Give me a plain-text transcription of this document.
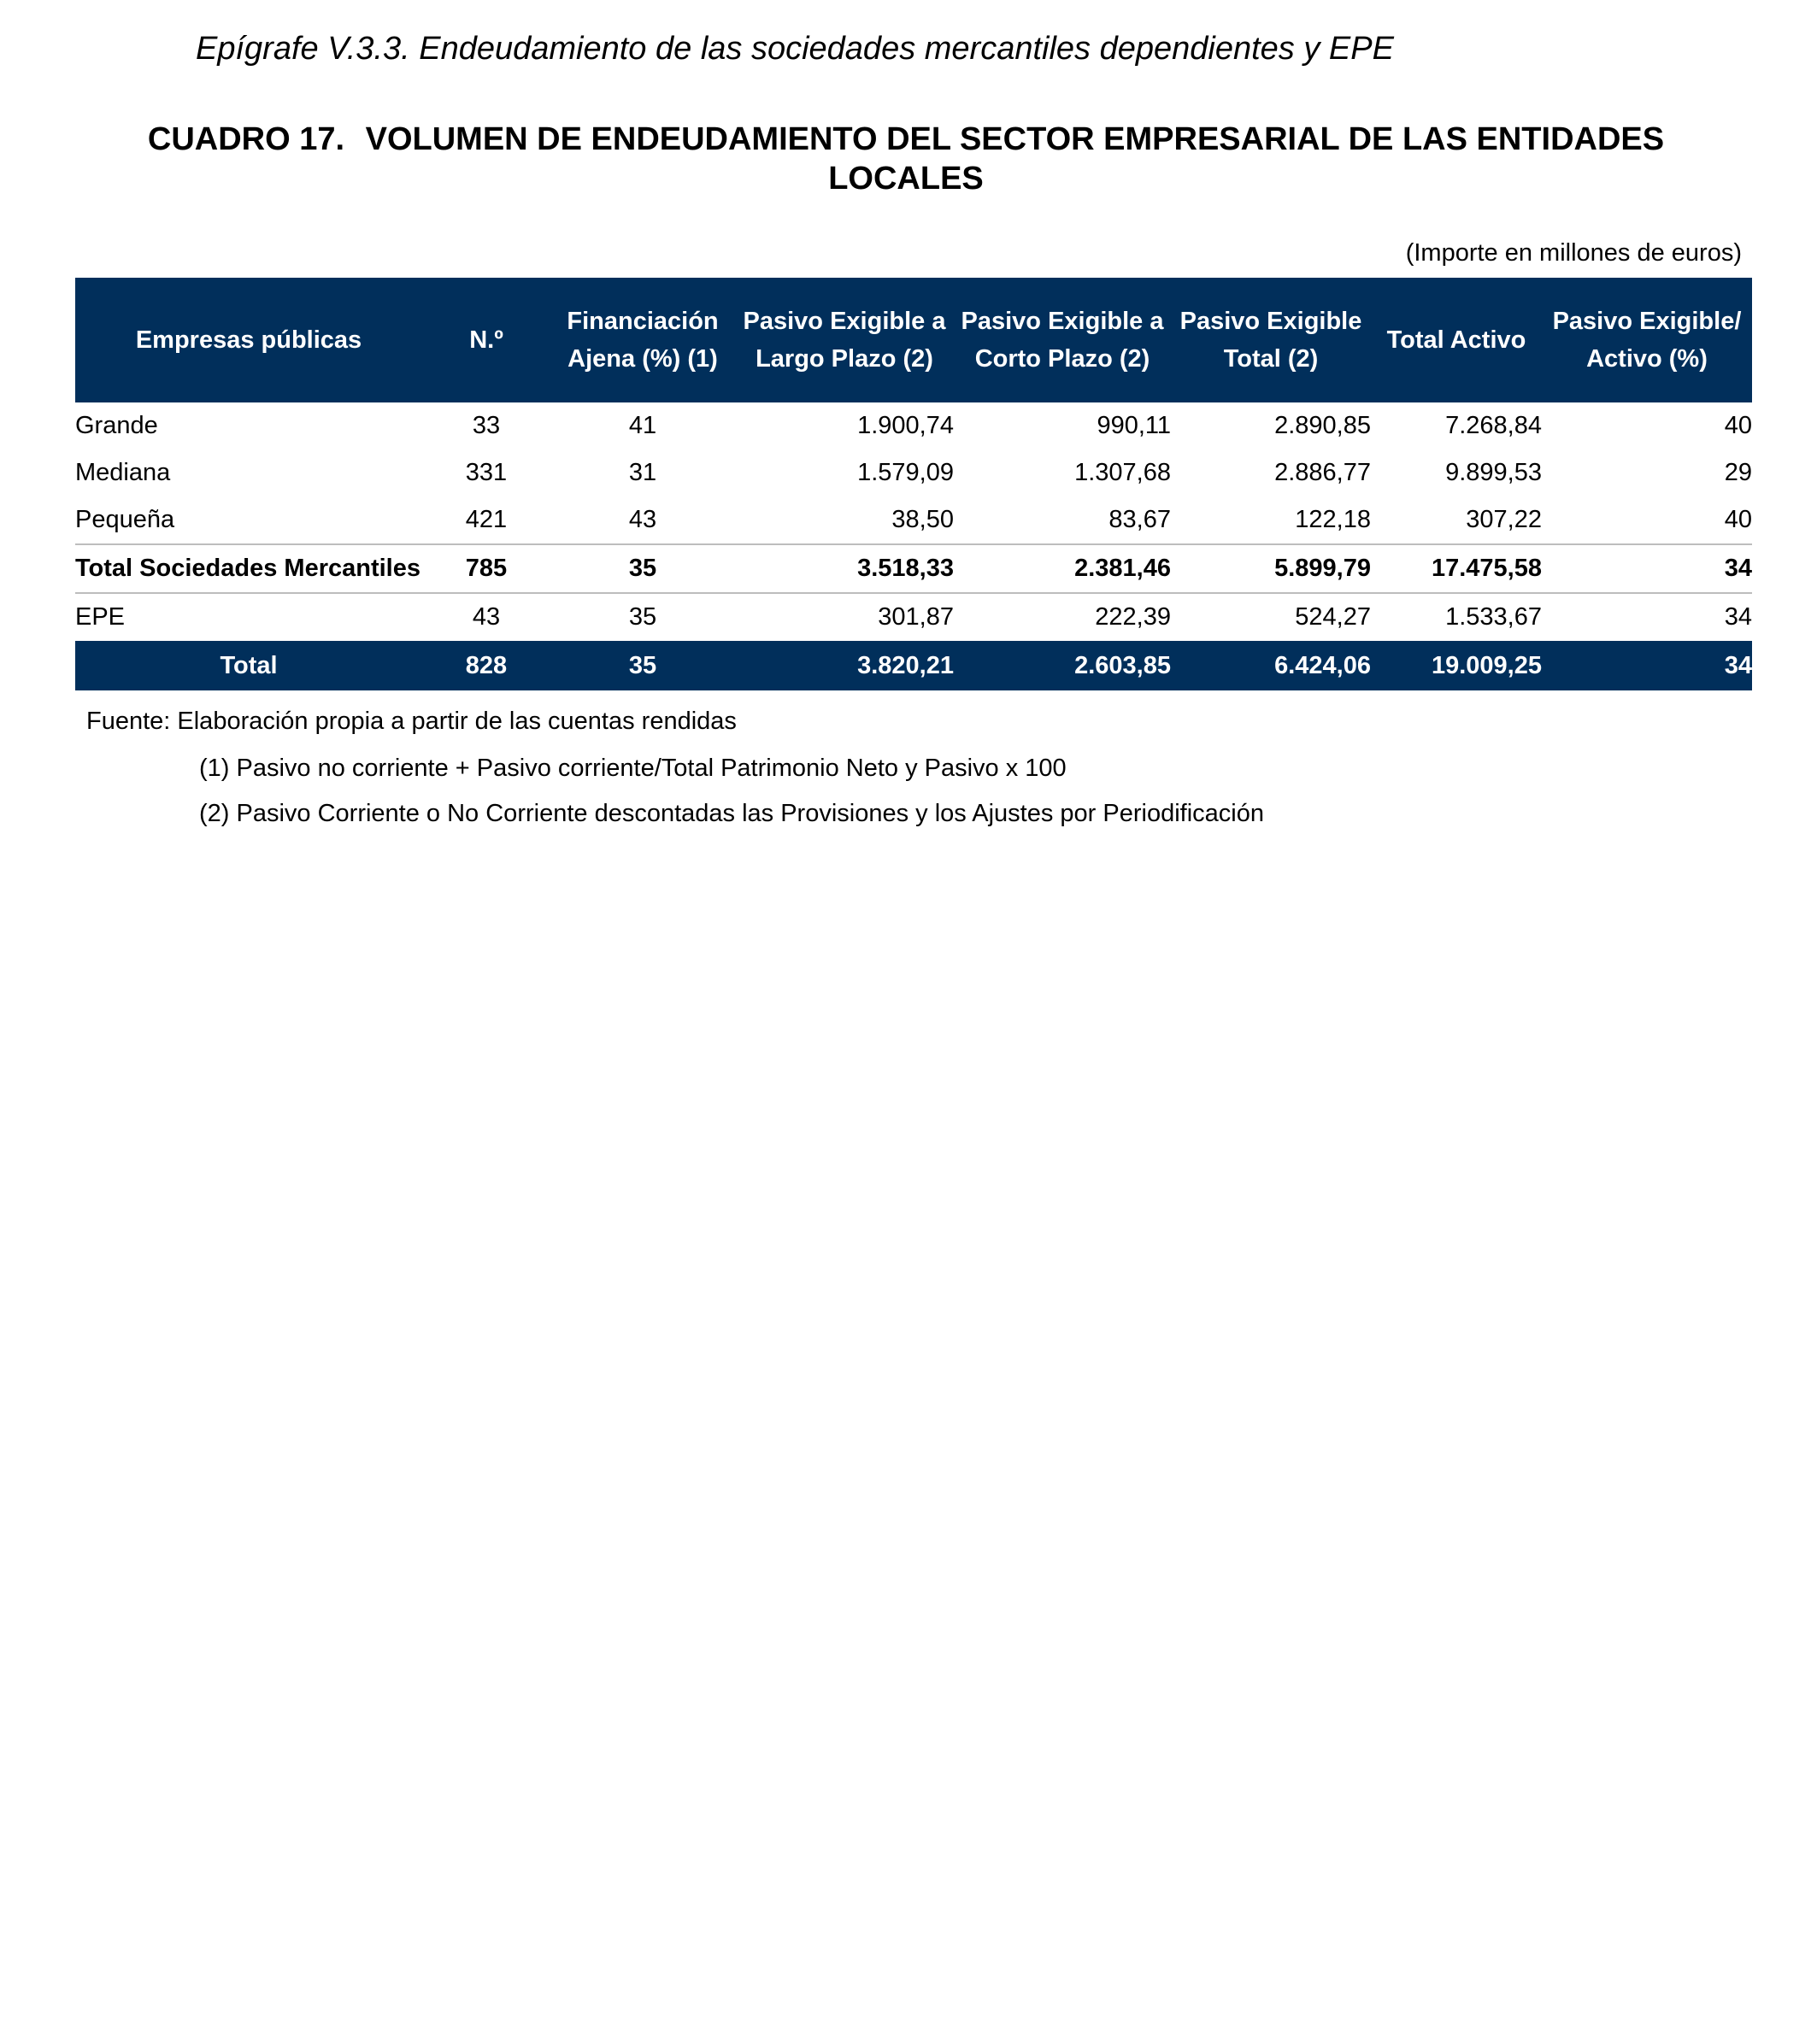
Epígrafe V.3.3. Endeudamiento de las sociedades mercantiles dependientes y EPE
CUADRO 17. VOLUMEN DE ENDEUDAMIENTO DEL SECTOR EMPRESARIAL DE LAS ENTIDADES LOCALES
(Importe en millones de euros)
Empresas públicas	N.º	Financiación Ajena (%) (1)	Pasivo Exigible a Largo Plazo (2)	Pasivo Exigible a Corto Plazo (2)	Pasivo Exigible Total (2)	Total Activo	Pasivo Exigible/ Activo (%)
Grande	33	41	1.900,74	990,11	2.890,85	7.268,84	40
Mediana	331	31	1.579,09	1.307,68	2.886,77	9.899,53	29
Pequeña	421	43	38,50	83,67	122,18	307,22	40
Total Sociedades Mercantiles	785	35	3.518,33	2.381,46	5.899,79	17.475,58	34
EPE	43	35	301,87	222,39	524,27	1.533,67	34
Total	828	35	3.820,21	2.603,85	6.424,06	19.009,25	34
Fuente: Elaboración propia a partir de las cuentas rendidas
(1) Pasivo no corriente + Pasivo corriente/Total Patrimonio Neto y Pasivo x 100
(2) Pasivo Corriente o No Corriente descontadas las Provisiones y los Ajustes por Periodificación
